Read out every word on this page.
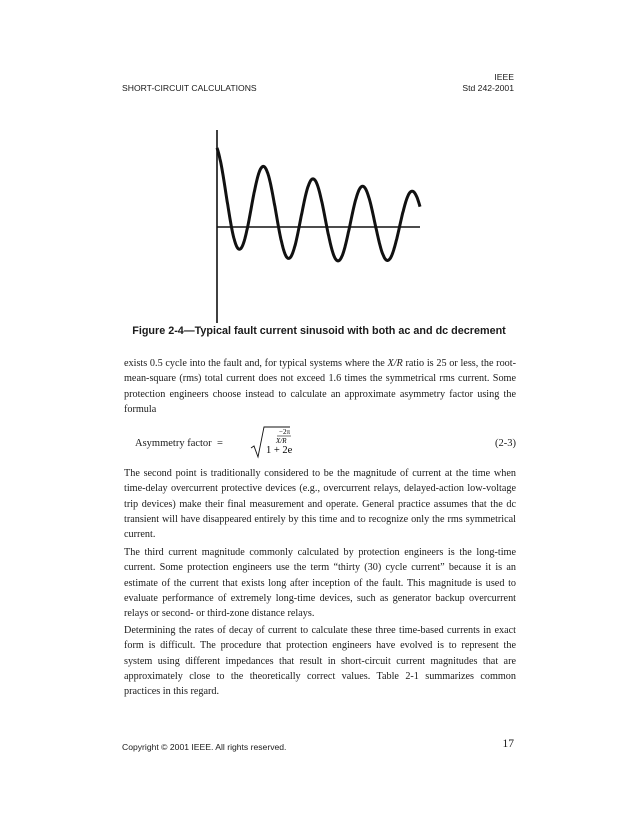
SHORT-CIRCUIT CALCULATIONS
IEEE
Std 242-2001
Figure 2-4—Typical fault current sinusoid with both ac and dc decrement

exists 0.5 cycle into the fault and, for typical systems where the X/R ratio is 25 or less, the root-mean-square (rms) total current does not exceed 1.6 times the symmetrical rms current. Some protection engineers choose instead to calculate an approximate asymmetry factor using the formula

Asymmetry factor =
1 + 2e
−2π
X/R	(2-3)

The second point is traditionally considered to be the magnitude of current at the time when time-delay overcurrent protective devices (e.g., overcurrent relays, delayed-action low-voltage trip devices) make their final measurement and operate. General practice assumes that the dc transient will have disappeared entirely by this time and to recognize only the rms symmetrical current.

The third current magnitude commonly calculated by protection engineers is the long-time current. Some protection engineers use the term “thirty (30) cycle current” because it is an estimate of the current that exists long after inception of the fault. This magnitude is used to evaluate performance of extremely long-time devices, such as generator backup overcurrent relays or second- or third-zone distance relays.

Determining the rates of decay of current to calculate these three time-based currents in exact form is difficult. The procedure that protection engineers have evolved is to represent the system using different impedances that result in short-circuit current magnitudes that are approximately close to the theoretically correct values. Table 2-1 summarizes common practices in this regard.

Copyright © 2001 IEEE. All rights reserved.	17
